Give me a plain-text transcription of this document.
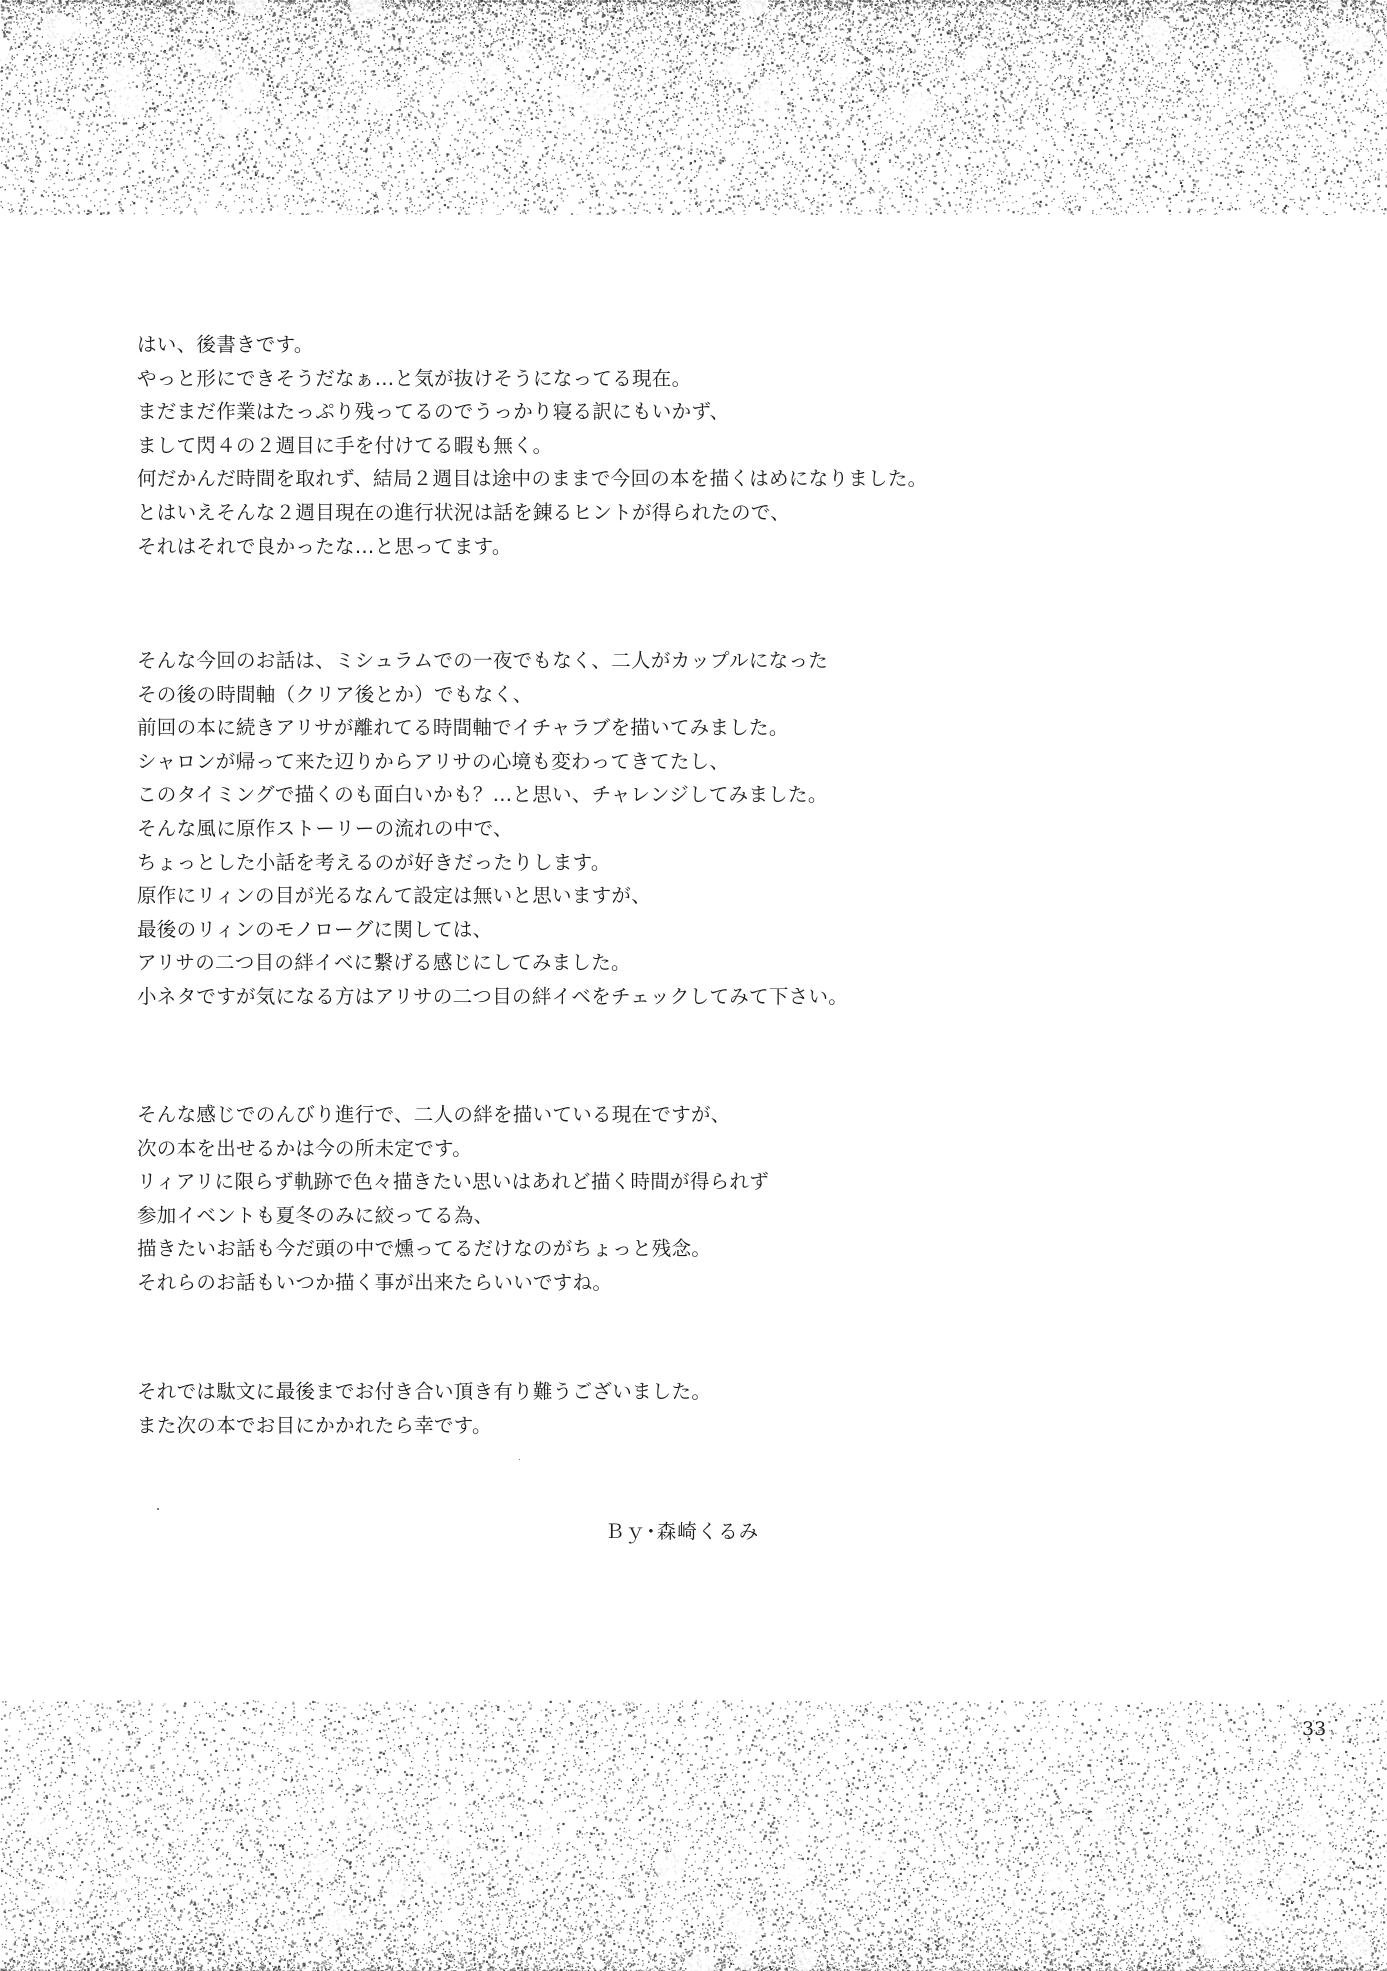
はい、後書きです。
やっと形にできそうだなぁ…と気が抜けそうになってる現在。
まだまだ作業はたっぷり残ってるのでうっかり寝る訳にもいかず、
まして閃４の２週目に手を付けてる暇も無く。
何だかんだ時間を取れず、結局２週目は途中のままで今回の本を描くはめになりました。
とはいえそんな２週目現在の進行状況は話を錬るヒントが得られたので、
それはそれで良かったな…と思ってます。
そんな今回のお話は、ミシュラムでの一夜でもなく、二人がカップルになった
その後の時間軸（クリア後とか）でもなく、
前回の本に続きアリサが離れてる時間軸でイチャラブを描いてみました。
シャロンが帰って来た辺りからアリサの心境も変わってきてたし、
このタイミングで描くのも面白いかも？…と思い、チャレンジしてみました。
そんな風に原作ストーリーの流れの中で、
ちょっとした小話を考えるのが好きだったりします。
原作にリィンの目が光るなんて設定は無いと思いますが、
最後のリィンのモノローグに関しては、
アリサの二つ目の絆イベに繋げる感じにしてみました。
小ネタですが気になる方はアリサの二つ目の絆イベをチェックしてみて下さい。
そんな感じでのんびり進行で、二人の絆を描いている現在ですが、
次の本を出せるかは今の所未定です。
リィアリに限らず軌跡で色々描きたい思いはあれど描く時間が得られず
参加イベントも夏冬のみに絞ってる為、
描きたいお話も今だ頭の中で燻ってるだけなのがちょっと残念。
それらのお話もいつか描く事が出来たらいいですね。
それでは駄文に最後までお付き合い頂き有り難うございました。
また次の本でお目にかかれたら幸です。
Ｂｙ･森崎くるみ
33
